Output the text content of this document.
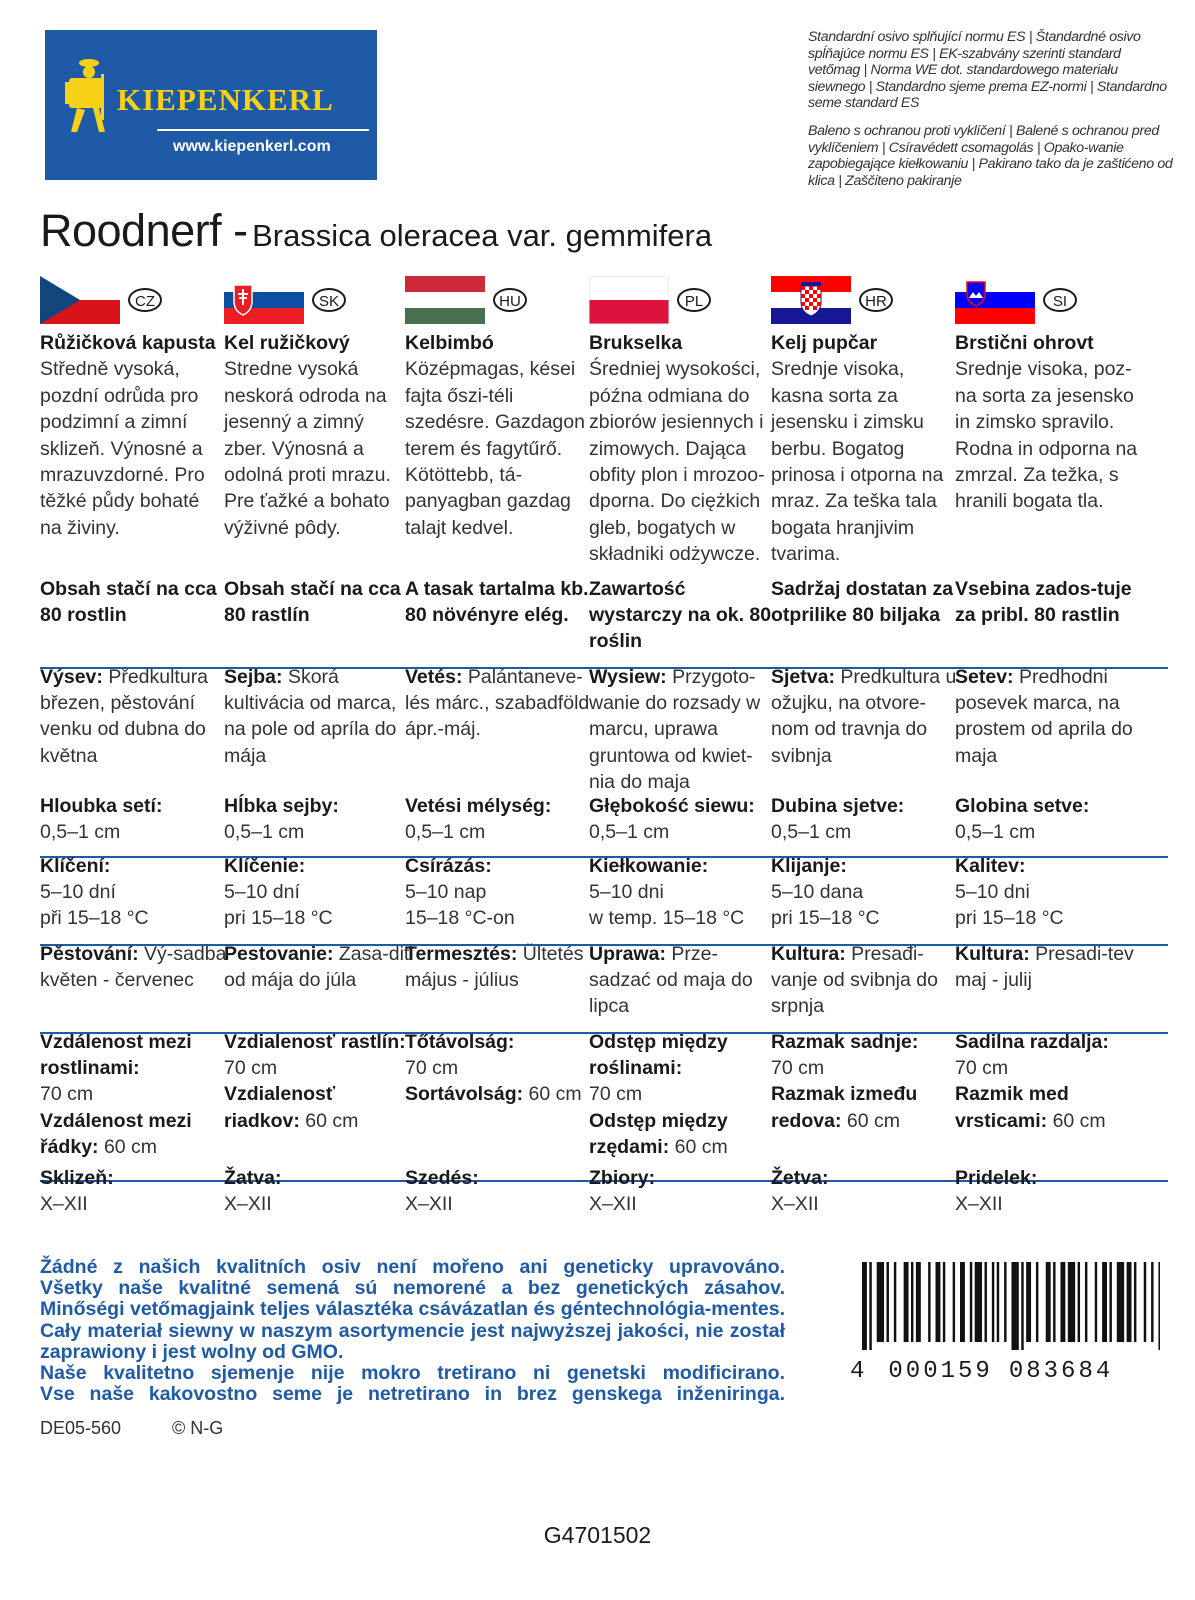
KIEPENKERL
www.kiepenkerl.com
Standardní osivo splňující normu ES | Štandardné osivo spĺňajúce normu ES | EK-szabvány szerinti standard vetőmag | Norma WE dot. standardowego materiału siewnego | Standardno sjeme prema EZ-normi | Standardno seme standard ES
Baleno s ochranou proti vyklíčení | Balené s ochranou pred vyklíčeniem | Csíravédett csomagolás | Opako-wanie zapobiegające kiełkowaniu | Pakirano tako da je zaštićeno od klica | Zaščiteno pakiranje
Roodnerf - Brassica oleracea var. gemmifera
CZ
Růžičková kapusta
Středně vysoká, pozdní odrůda pro podzimní a zimní sklizeň. Výnosné a mrazuvzdorné. Pro těžké půdy bohaté na živiny.
SK
Kel ružičkový
Stredne vysoká neskorá odroda na jesenný a zimný zber. Výnosná a odolná proti mrazu. Pre ťažké a bohato výživné pôdy.
HU
Kelbimbó
Középmagas, kései fajta őszi-téli szedésre. Gazdagon terem és fagytűrő. Kötöttebb, tá-panyagban gazdag talajt kedvel.
PL
Brukselka
Średniej wysokości, późna odmiana do zbiorów jesiennych i zimowych. Dająca obfity plon i mrozoo-dporna. Do ciężkich gleb, bogatych w składniki odżywcze.
HR
Kelj pupčar
Srednje visoka, kasna sorta za jesensku i zimsku berbu. Bogatog prinosa i otporna na mraz. Za teška tala bogata hranjivim tvarima.
SI
Brstični ohrovt
Srednje visoka, poz-na sorta za jesensko in zimsko spravilo. Rodna in odporna na zmrzal. Za težka, s hranili bogata tla.
Žádné z našich kvalitních osiv není mořeno ani geneticky upravováno.
Všetky naše kvalitné semená sú nemorené a bez genetických zásahov.
Minőségi vetőmagjaink teljes választéka csávázatlan és géntechnológia-mentes.
Cały materiał siewny w naszym asortymencie jest najwyższej jakości, nie został
zaprawiony i jest wolny od GMO.
Naše kvalitetno sjemenje nije mokro tretirano ni genetski modificirano.
Vse naše kakovostno seme je netretirano in brez genskega inženiringa.
DE05-560	© N-G
G4701502
4 000159 083684
Obsah stačí na cca 80 rostlin
Výsev: Předkultura březen, pěstování venku od dubna do května
Hloubka setí:
0,5–1 cm
Klíčení:
5–10 dní
při 15–18 °C
Pěstování: Vý-sadba květen - červenec
Vzdálenost mezi rostlinami:
70 cm
Vzdálenost mezi řádky: 60 cm
Sklizeň:
X–XII
Obsah stačí na cca 80 rastlín
Sejba: Skorá kultivácia od marca, na pole od apríla do mája
Hĺbka sejby:
0,5–1 cm
Klíčenie:
5–10 dní
pri 15–18 °C
Pestovanie: Zasa-diť od mája do júla
Vzdialenosť rastlín:
70 cm
Vzdialenosť riadkov: 60 cm
Žatva:
X–XII
A tasak tartalma kb. 80 növényre elég.
Vetés: Palántaneve-lés márc., szabadföld ápr.-máj.
Vetési mélység:
0,5–1 cm
Csírázás:
5–10 nap
15–18 °C-on
Termesztés: Ültetés május - július
Tőtávolság:
70 cm
Sortávolság: 60 cm
Szedés:
X–XII
Zawartość wystarczy na ok. 80 roślin
Wysiew: Przygoto-wanie do rozsady w marcu, uprawa gruntowa od kwiet-nia do maja
Głębokość siewu:
0,5–1 cm
Kiełkowanie:
5–10 dni
w temp. 15–18 °C
Uprawa: Prze-sadzać od maja do lipca
Odstęp między roślinami:
70 cm
Odstęp między rzędami: 60 cm
Zbiory:
X–XII
Sadržaj dostatan za otprilike 80 biljaka
Sjetva: Predkultura u ožujku, na otvore-nom od travnja do svibnja
Dubina sjetve:
0,5–1 cm
Klijanje:
5–10 dana
pri 15–18 °C
Kultura: Presađi-vanje od svibnja do srpnja
Razmak sadnje:
70 cm
Razmak između redova: 60 cm
Žetva:
X–XII
Vsebina zados-tuje za pribl. 80 rastlin
Setev: Predhodni posevek marca, na prostem od aprila do maja
Globina setve:
0,5–1 cm
Kalitev:
5–10 dni
pri 15–18 °C
Kultura: Presadi-tev maj - julij
Sadilna razdalja:
70 cm
Razmik med vrsticami: 60 cm
Pridelek:
X–XII
